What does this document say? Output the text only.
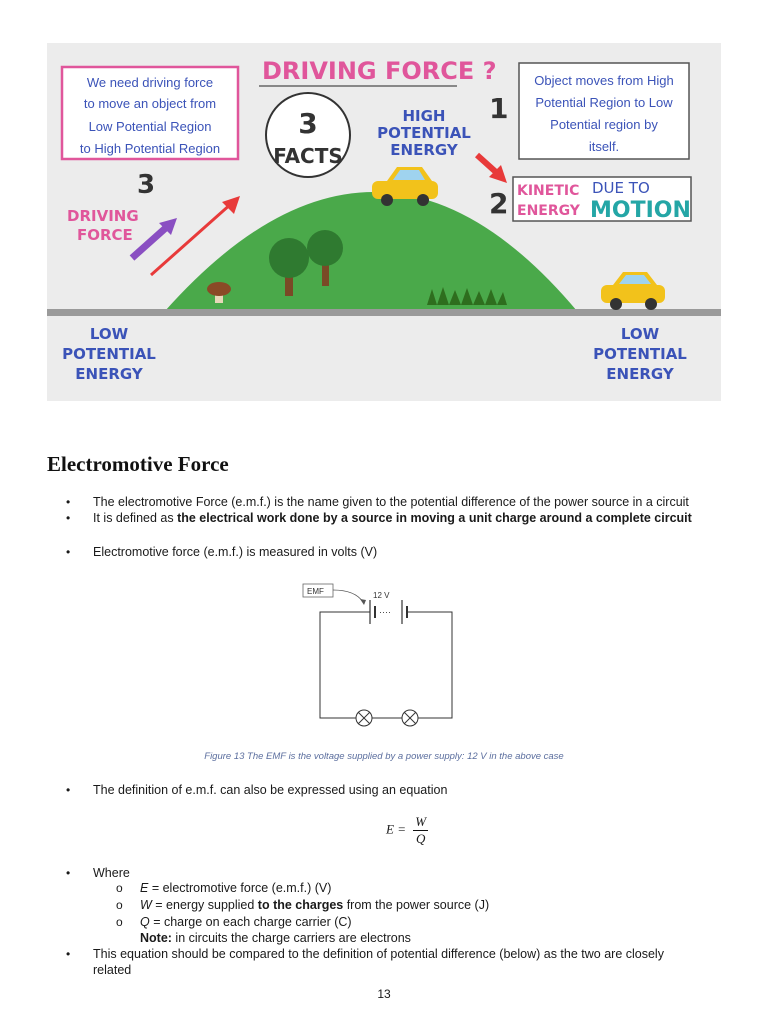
DRIVING FORCE ?
We need driving force
to move an object from
Low Potential Region
to High Potential Region
3
DRIVING
FORCE
3
FACTS
HIGH
POTENTIAL
ENERGY
1
Object moves from High
Potential Region to Low
Potential region by
itself.
2 KINETIC
ENERGY
DUE TO
MOTION
LOW
POTENTIAL
ENERGY
LOW
POTENTIAL
ENERGY
Electromotive Force
• The electromotive Force (e.m.f.) is the name given to the potential difference of the power source in a circuit
• It is defined as the electrical work done by a source in moving a unit charge around a complete circuit
• Electromotive force (e.m.f.) is measured in volts (V)
EMF	12 V
····
Figure 13 The EMF is the voltage supplied by a power supply: 12 V in the above case
• The definition of e.m.f. can also be expressed using an equation
$E = \frac{W}{Q}$
• Where
o E = electromotive force (e.m.f.) (V)
o W = energy supplied to the charges from the power source (J)
o Q = charge on each charge carrier (C)
Note: in circuits the charge carriers are electrons
• This equation should be compared to the definition of potential difference (below) as the two are closely
related
13
